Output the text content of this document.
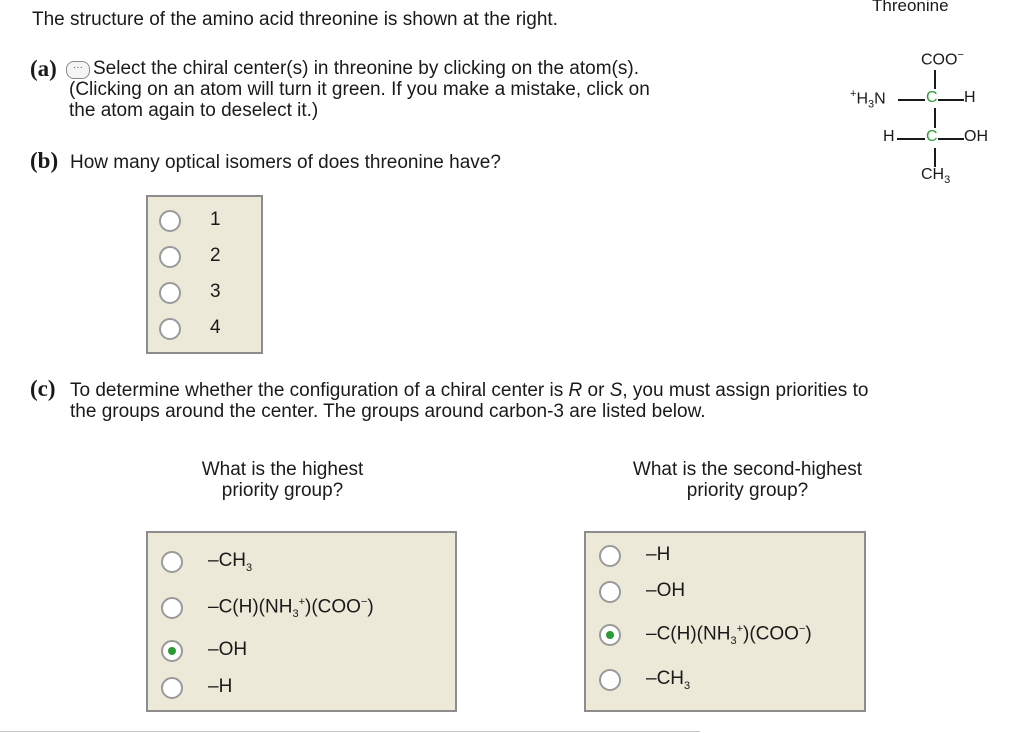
The structure of the amino acid threonine is shown at the right.
(a)	··· Select the chiral center(s) in threonine by clicking on the atom(s).
(Clicking on an atom will turn it green. If you make a mistake, click on
the atom again to deselect it.)
(b) How many optical isomers of does threonine have?
1
2
3
4
(c) To determine whether the configuration of a chiral center is R or S, you must assign priorities to
the groups around the center. The groups around carbon-3 are listed below.
What is the highest
priority group?
$-CH_3$
$-C(H)(NH_3^+)(COO^-)$
–OH
–H
What is the second-highest
priority group?
–H
–OH
$-C(H)(NH_3^+)(COO^-)$
$-CH_3$
Threonine
COO−
$^+H_3N$	C H
H C OH
$CH_3$
